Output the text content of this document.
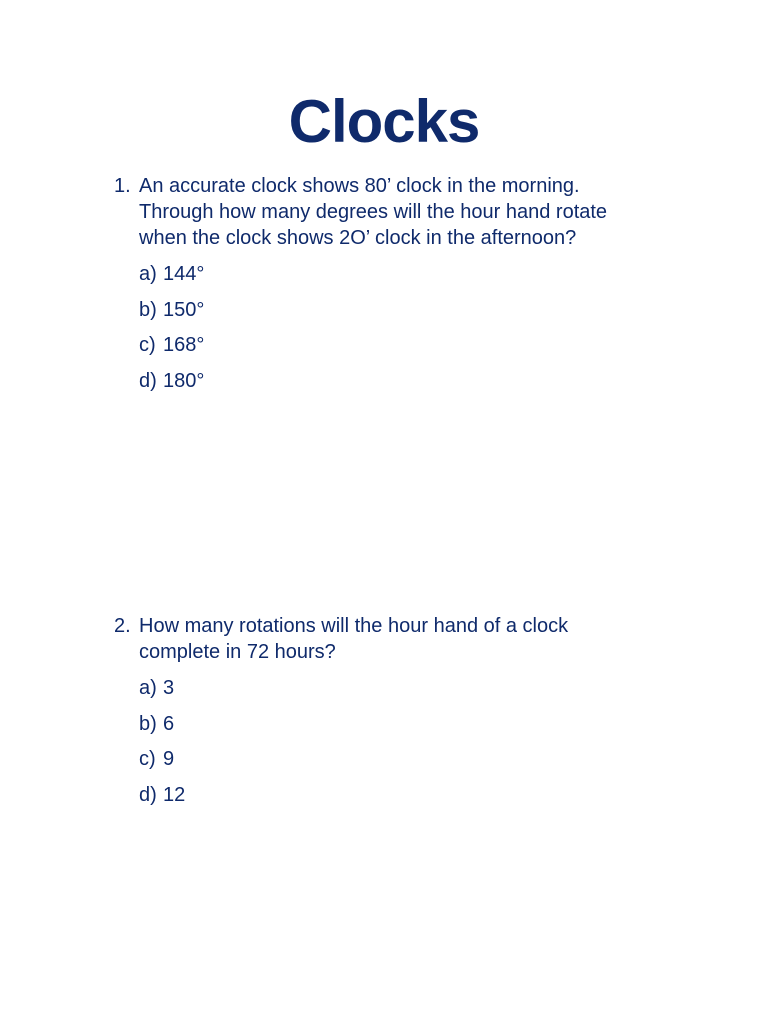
Clocks
1. An accurate clock shows 80’ clock in the morning.
Through how many degrees will the hour hand rotate
when the clock shows 2O’ clock in the afternoon?
a) 144°
b) 150°
c) 168°
d) 180°
2. How many rotations will the hour hand of a clock
complete in 72 hours?
a) 3
b) 6
c) 9
d) 12
